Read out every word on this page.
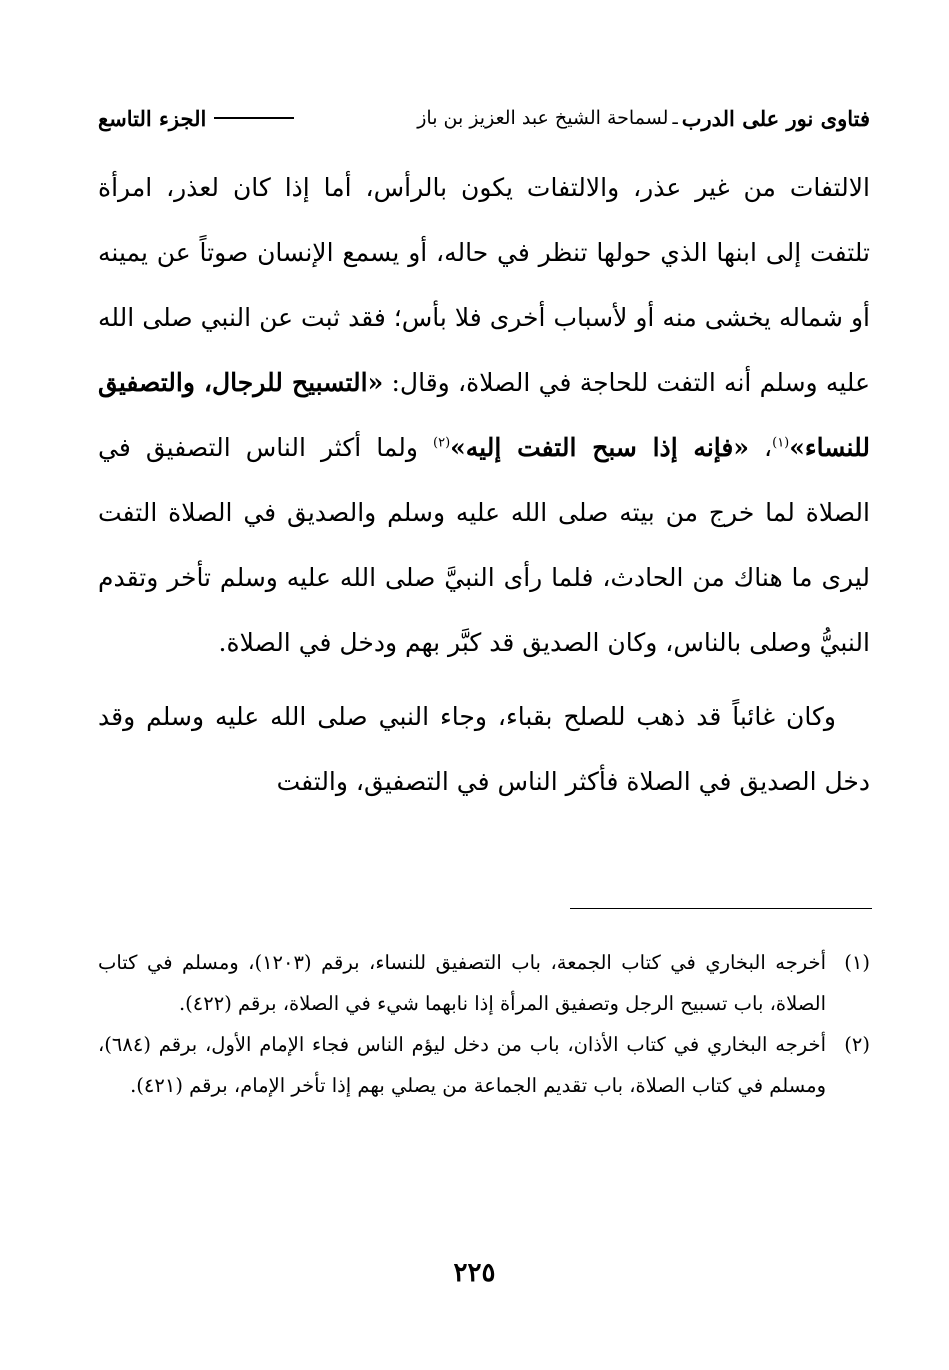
فتاوى نور على الدرب
ـ
لسماحة الشيخ عبد العزيز بن باز
الجزء التاسع

الالتفات من غير عذر، والالتفات يكون بالرأس، أما إذا كان لعذر، امرأة تلتفت إلى ابنها الذي حولها تنظر في حاله، أو يسمع الإنسان صوتاً عن يمينه أو شماله يخشى منه أو لأسباب أخرى فلا بأس؛ فقد ثبت عن النبي صلى الله عليه وسلم أنه التفت للحاجة في الصلاة، وقال: «التسبيح للرجال، والتصفيق للنساء»$^{(١)}$، «فإنه إذا سبح التفت إليه»$^{(٢)}$ ولما أكثر الناس التصفيق في الصلاة لما خرج من بيته صلى الله عليه وسلم والصديق في الصلاة التفت ليرى ما هناك من الحادث، فلما رأى النبيَّ صلى الله عليه وسلم تأخر وتقدم النبيُّ وصلى بالناس، وكان الصديق قد كبَّر بهم ودخل في الصلاة.

وكان غائباً قد ذهب للصلح بقباء، وجاء النبي صلى الله عليه وسلم وقد دخل الصديق في الصلاة فأكثر الناس في التصفيق، والتفت

(١)
أخرجه البخاري في كتاب الجمعة، باب التصفيق للنساء، برقم (١٢٠٣)، ومسلم في كتاب الصلاة، باب تسبيح الرجل وتصفيق المرأة إذا نابهما شيء في الصلاة، برقم (٤٢٢).
(٢)
أخرجه البخاري في كتاب الأذان، باب من دخل ليؤم الناس فجاء الإمام الأول، برقم (٦٨٤)، ومسلم في كتاب الصلاة، باب تقديم الجماعة من يصلي بهم إذا تأخر الإمام، برقم (٤٢١).
٢٢٥
